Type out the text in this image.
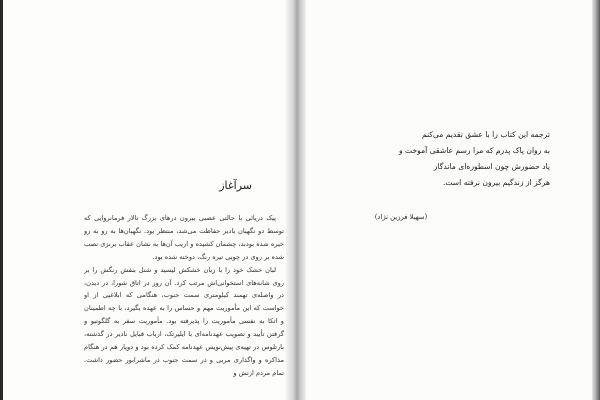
سرآغاز

پیک دریائی با حالتی عصبی بیرون درهای بزرگ تالار فرمانروایی که توسط دو نگهبان بادیر حفاظت می‌شد، منتظر بود. نگهبان‌ها به رو به رو خیره شده بودند، چشمان کشیده و اریب آن‌ها به نشان عقاب برنزی نصب شده بر روی در چوبی تیره رنگ، دوخته شده بود.

لبان خشک خود را با زبان خشکش لیسید و شنل بنفش رنگش را بر روی شانه‌های استخوانی‌اش مرتب کرد. آن روز در اتاق شورا، در دیدن، در واصله‌ی تهمند کیلومتری سمت جنوب، هنگامی که ابلاغیی از او خواست که این مأموریت مهم و حساس را به عهده بگیرد، با چه اطمینان و اتکا به نفسی مأموریت را پذیرفته بود. مأموریت سفر به گلگوتیو و گرفتن تأیید و تصویب عهدنامه‌ای با ایلیرتک، ارباب قبایل نادیر در گذشته، بارتلوس در تهیه‌ی پیش‌نویس عهدنامه کمک کرده بود و دوپار هم در هنگام مذاکره و واگذاری مربی و در سمت جنوب در ماشرابور حضور داشت. تمام مردم ارتش و

ترجمه این کتاب را با عشق تقدیم می‌کنم
به روان پاک پدرم که مرا رسم عاشقی آموخت و
یاد حضورش چون اسطوره‌ای ماندگار
هرگز از زندگیم بیرون نرفته است.
(سهیلا فرزین نژاد)
